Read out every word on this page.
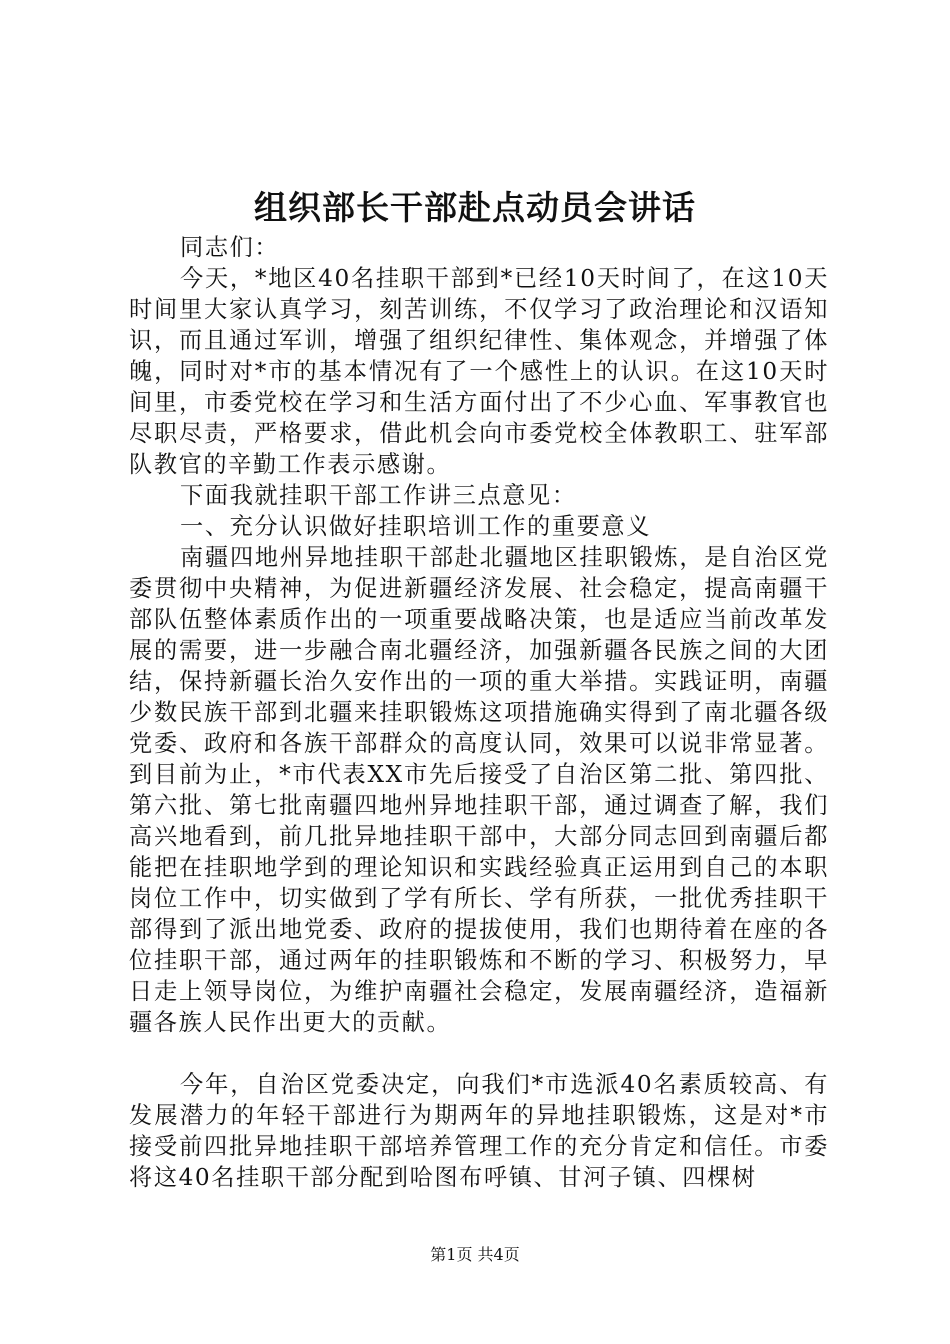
组织部长干部赴点动员会讲话

同志们：

今天，*地区40名挂职干部到*已经10天时间了，在这10天时间里大家认真学习，刻苦训练，不仅学习了政治理论和汉语知识，而且通过军训，增强了组织纪律性、集体观念，并增强了体魄，同时对*市的基本情况有了一个感性上的认识。在这10天时间里，市委党校在学习和生活方面付出了不少心血、军事教官也尽职尽责，严格要求，借此机会向市委党校全体教职工、驻军部队教官的辛勤工作表示感谢。

下面我就挂职干部工作讲三点意见：

一、充分认识做好挂职培训工作的重要意义

南疆四地州异地挂职干部赴北疆地区挂职锻炼，是自治区党委贯彻中央精神，为促进新疆经济发展、社会稳定，提高南疆干部队伍整体素质作出的一项重要战略决策，也是适应当前改革发展的需要，进一步融合南北疆经济，加强新疆各民族之间的大团结，保持新疆长治久安作出的一项的重大举措。实践证明，南疆少数民族干部到北疆来挂职锻炼这项措施确实得到了南北疆各级党委、政府和各族干部群众的高度认同，效果可以说非常显著。到目前为止，*市代表XX市先后接受了自治区第二批、第四批、第六批、第七批南疆四地州异地挂职干部，通过调查了解，我们高兴地看到，前几批异地挂职干部中，大部分同志回到南疆后都能把在挂职地学到的理论知识和实践经验真正运用到自己的本职岗位工作中，切实做到了学有所长、学有所获，一批优秀挂职干部得到了派出地党委、政府的提拔使用，我们也期待着在座的各位挂职干部，通过两年的挂职锻炼和不断的学习、积极努力，早日走上领导岗位，为维护南疆社会稳定，发展南疆经济，造福新疆各族人民作出更大的贡献。

今年，自治区党委决定，向我们*市选派40名素质较高、有发展潜力的年轻干部进行为期两年的异地挂职锻炼，这是对*市接受前四批异地挂职干部培养管理工作的充分肯定和信任。市委将这40名挂职干部分配到哈图布呼镇、甘河子镇、四棵树

第1页 共4页
